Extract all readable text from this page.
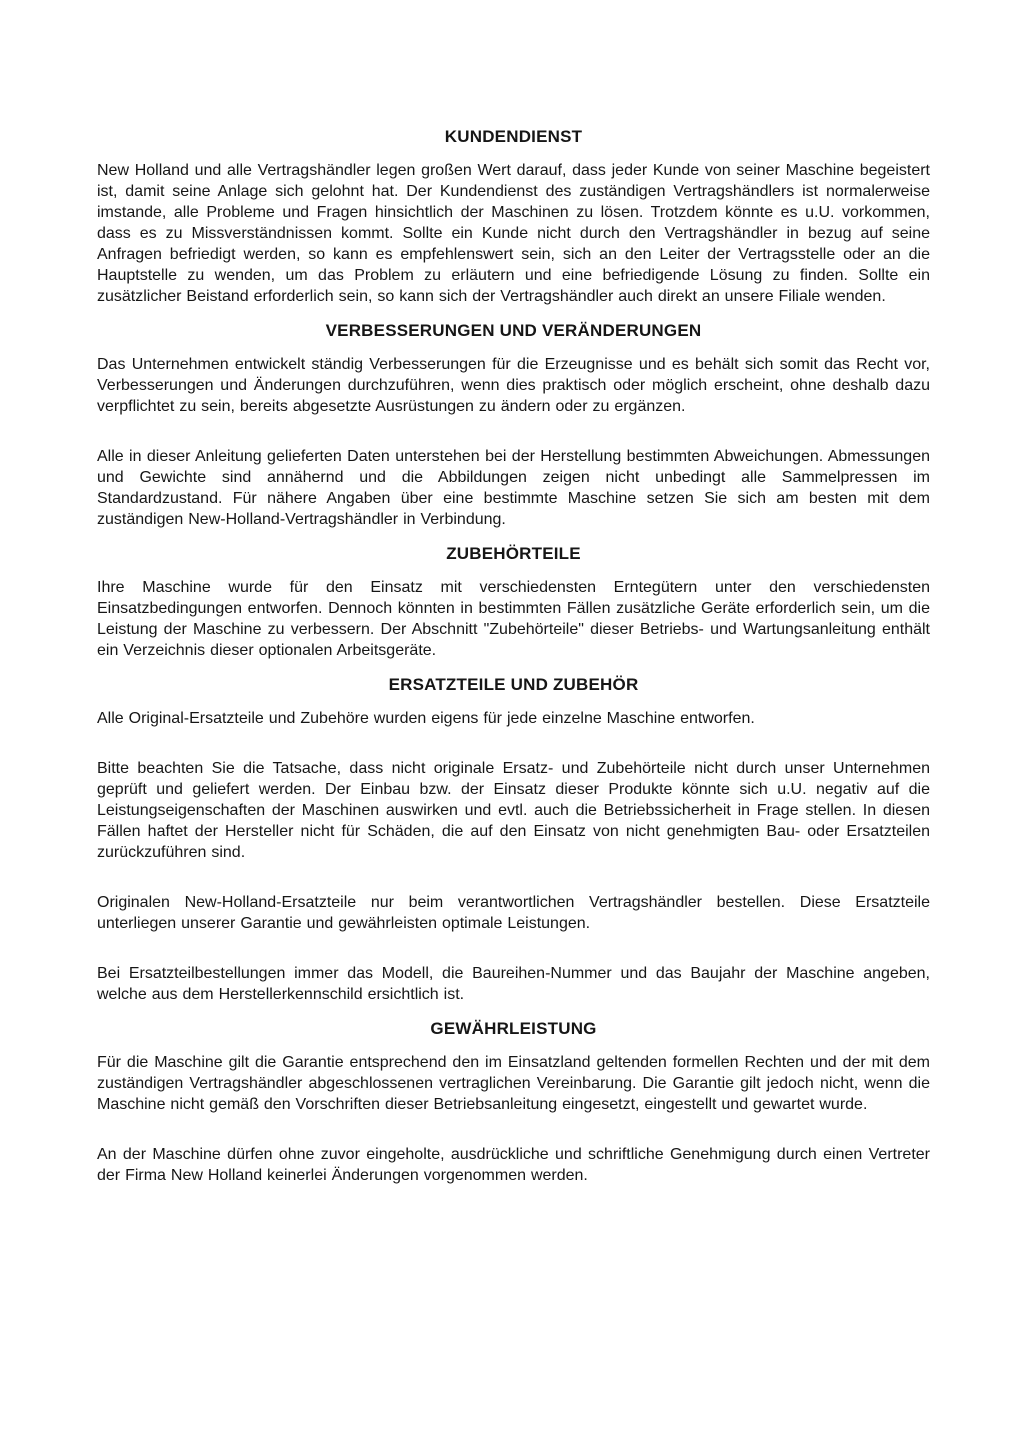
KUNDENDIENST

New Holland und alle Vertragshändler legen großen Wert darauf, dass jeder Kunde von seiner Maschine begeistert ist, damit seine Anlage sich gelohnt hat. Der Kundendienst des zuständigen Vertragshändlers ist normalerweise imstande, alle Probleme und Fragen hinsichtlich der Maschinen zu lösen. Trotzdem könnte es u.U. vorkommen, dass es zu Missverständnissen kommt. Sollte ein Kunde nicht durch den Vertragshändler in bezug auf seine Anfragen befriedigt werden, so kann es empfehlenswert sein, sich an den Leiter der Vertragsstelle oder an die Hauptstelle zu wenden, um das Problem zu erläutern und eine befriedigende Lösung zu finden. Sollte ein zusätzlicher Beistand erforderlich sein, so kann sich der Vertragshändler auch direkt an unsere Filiale wenden.

VERBESSERUNGEN UND VERÄNDERUNGEN

Das Unternehmen entwickelt ständig Verbesserungen für die Erzeugnisse und es behält sich somit das Recht vor, Verbesserungen und Änderungen durchzuführen, wenn dies praktisch oder möglich erscheint, ohne deshalb dazu verpflichtet zu sein, bereits abgesetzte Ausrüstungen zu ändern oder zu ergänzen.

Alle in dieser Anleitung gelieferten Daten unterstehen bei der Herstellung bestimmten Abweichungen. Abmessungen und Gewichte sind annähernd und die Abbildungen zeigen nicht unbedingt alle Sammelpressen im Standardzustand. Für nähere Angaben über eine bestimmte Maschine setzen Sie sich am besten mit dem zuständigen New-Holland-Vertragshändler in Verbindung.

ZUBEHÖRTEILE

Ihre Maschine wurde für den Einsatz mit verschiedensten Erntegütern unter den verschiedensten Einsatzbedingungen entworfen. Dennoch könnten in bestimmten Fällen zusätzliche Geräte erforderlich sein, um die Leistung der Maschine zu verbessern. Der Abschnitt "Zubehörteile" dieser Betriebs- und Wartungsanleitung enthält ein Verzeichnis dieser optionalen Arbeitsgeräte.

ERSATZTEILE UND ZUBEHÖR

Alle Original-Ersatzteile und Zubehöre wurden eigens für jede einzelne Maschine entworfen.

Bitte beachten Sie die Tatsache, dass nicht originale Ersatz- und Zubehörteile nicht durch unser Unternehmen geprüft und geliefert werden. Der Einbau bzw. der Einsatz dieser Produkte könnte sich u.U. negativ auf die Leistungseigenschaften der Maschinen auswirken und evtl. auch die Betriebssicherheit in Frage stellen. In diesen Fällen haftet der Hersteller nicht für Schäden, die auf den Einsatz von nicht genehmigten Bau- oder Ersatzteilen zurückzuführen sind.

Originalen New-Holland-Ersatzteile nur beim verantwortlichen Vertragshändler bestellen. Diese Ersatzteile unterliegen unserer Garantie und gewährleisten optimale Leistungen.

Bei Ersatzteilbestellungen immer das Modell, die Baureihen-Nummer und das Baujahr der Maschine angeben, welche aus dem Herstellerkennschild ersichtlich ist.

GEWÄHRLEISTUNG

Für die Maschine gilt die Garantie entsprechend den im Einsatzland geltenden formellen Rechten und der mit dem zuständigen Vertragshändler abgeschlossenen vertraglichen Vereinbarung. Die Garantie gilt jedoch nicht, wenn die Maschine nicht gemäß den Vorschriften dieser Betriebsanleitung eingesetzt, eingestellt und gewartet wurde.

An der Maschine dürfen ohne zuvor eingeholte, ausdrückliche und schriftliche Genehmigung durch einen Vertreter der Firma New Holland keinerlei Änderungen vorgenommen werden.
